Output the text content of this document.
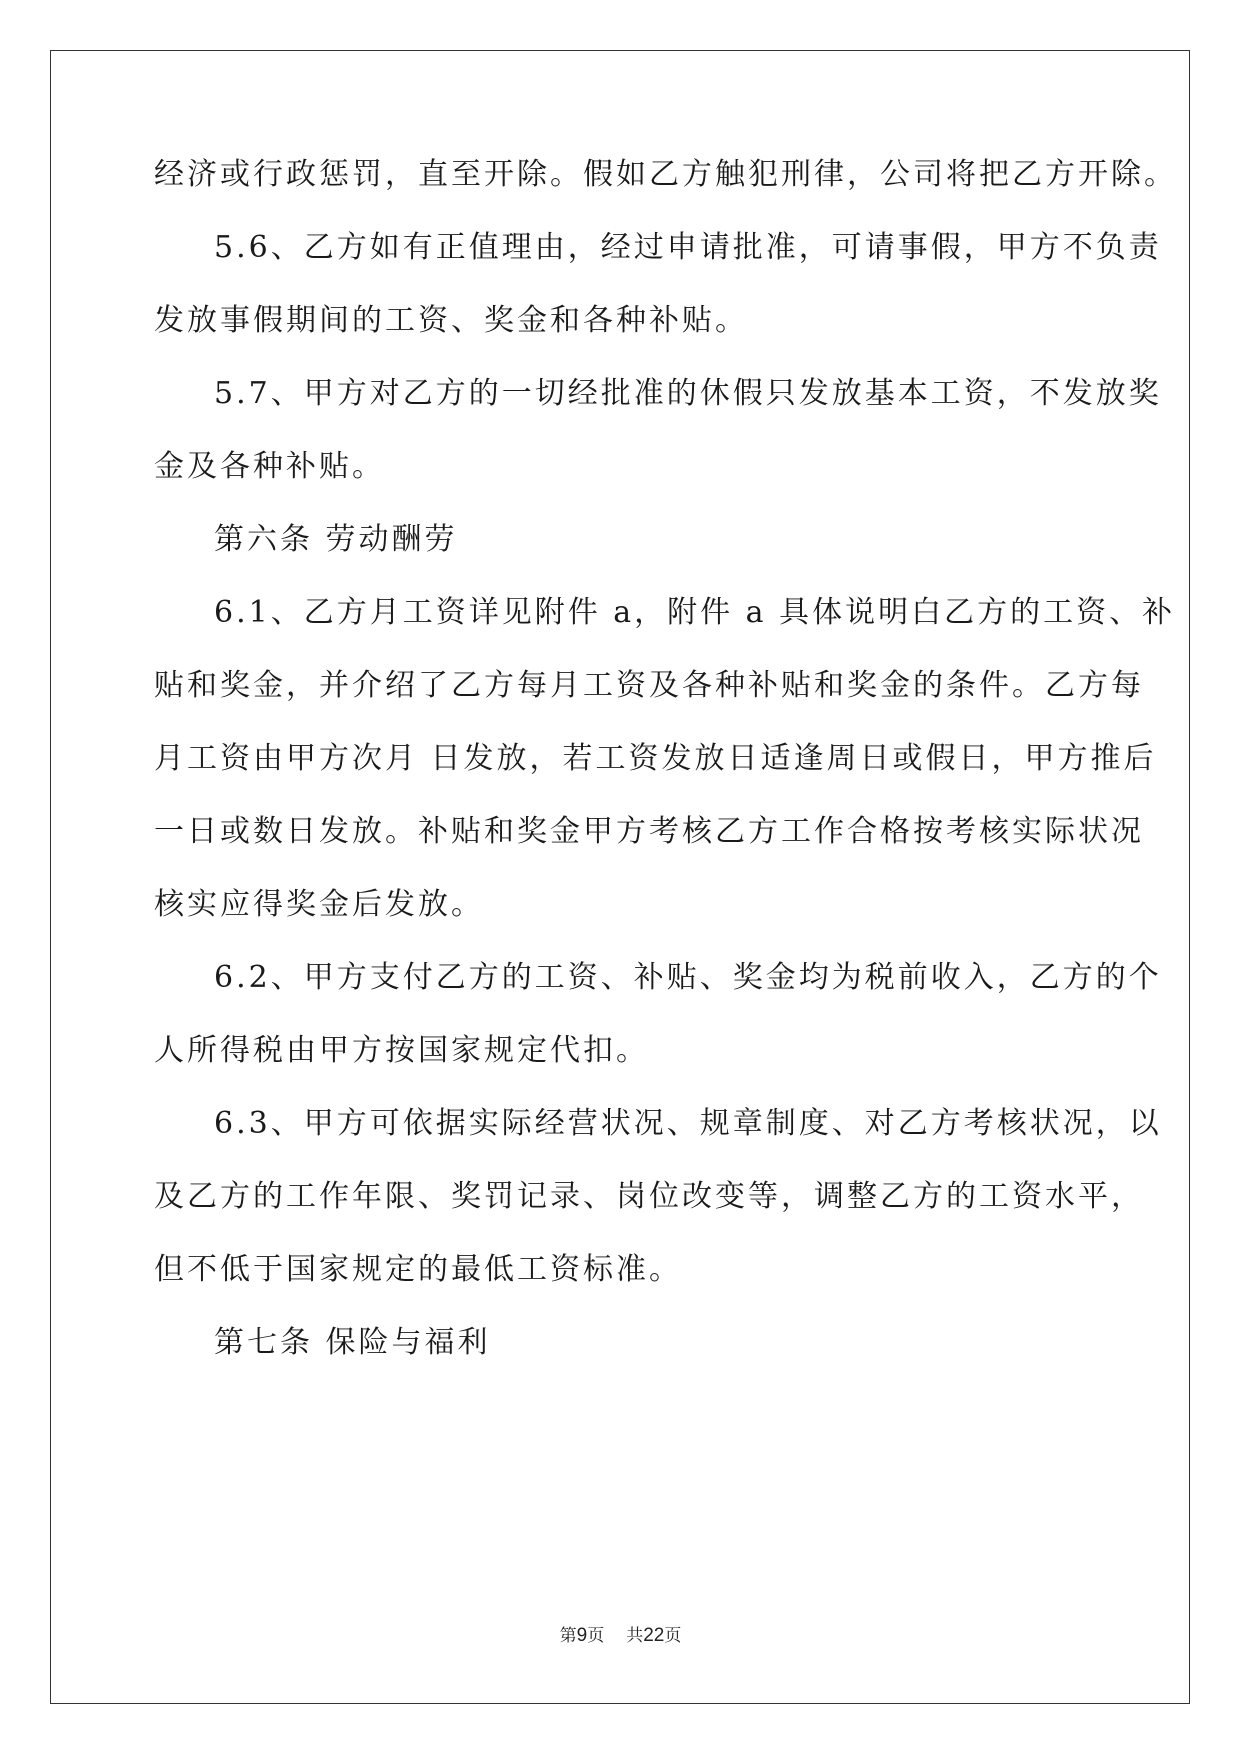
经济或行政惩罚，直至开除。假如乙方触犯刑律，公司将把乙方开除。
5.6、乙方如有正值理由，经过申请批准，可请事假，甲方不负责
发放事假期间的工资、奖金和各种补贴。
5.7、甲方对乙方的一切经批准的休假只发放基本工资，不发放奖
金及各种补贴。
第六条 劳动酬劳
6.1、乙方月工资详见附件 a，附件 a 具体说明白乙方的工资、补
贴和奖金，并介绍了乙方每月工资及各种补贴和奖金的条件。乙方每
月工资由甲方次月 日发放，若工资发放日适逢周日或假日，甲方推后
一日或数日发放。补贴和奖金甲方考核乙方工作合格按考核实际状况
核实应得奖金后发放。
6.2、甲方支付乙方的工资、补贴、奖金均为税前收入，乙方的个
人所得税由甲方按国家规定代扣。
6.3、甲方可依据实际经营状况、规章制度、对乙方考核状况，以
及乙方的工作年限、奖罚记录、岗位改变等，调整乙方的工资水平，
但不低于国家规定的最低工资标准。
第七条 保险与福利
第9页 共22页
